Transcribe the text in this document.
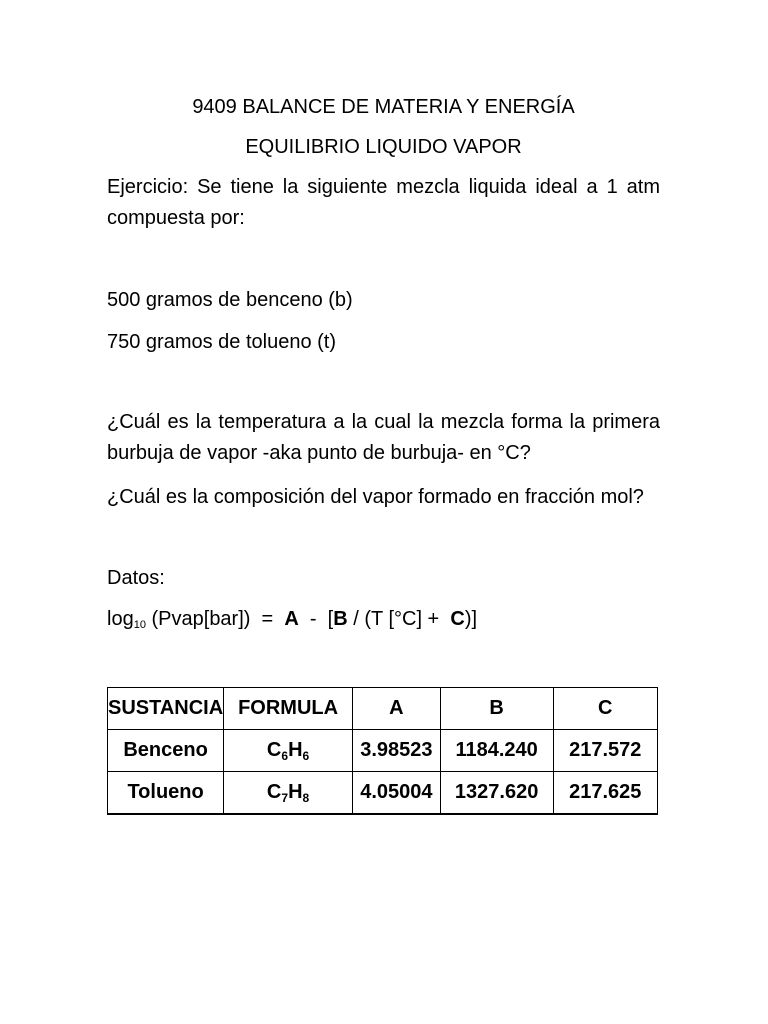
9409 BALANCE DE MATERIA Y ENERGÍA
EQUILIBRIO LIQUIDO VAPOR
Ejercicio: Se tiene la siguiente mezcla liquida ideal a 1 atm compuesta por:
500 gramos de benceno (b)
750 gramos de tolueno (t)
¿Cuál es la temperatura a la cual la mezcla forma la primera burbuja de vapor -aka punto de burbuja- en °C?
¿Cuál es la composición del vapor formado en fracción mol?
Datos:
$\log_{10}$ (Pvap[bar])  =  A  -  [B / (T [°C] +  C)]
SUSTANCIA	FORMULA	A	B	C
Benceno	$C_6H_6$	3.98523	1184.240	217.572
Tolueno	$C_7H_8$	4.05004	1327.620	217.625
